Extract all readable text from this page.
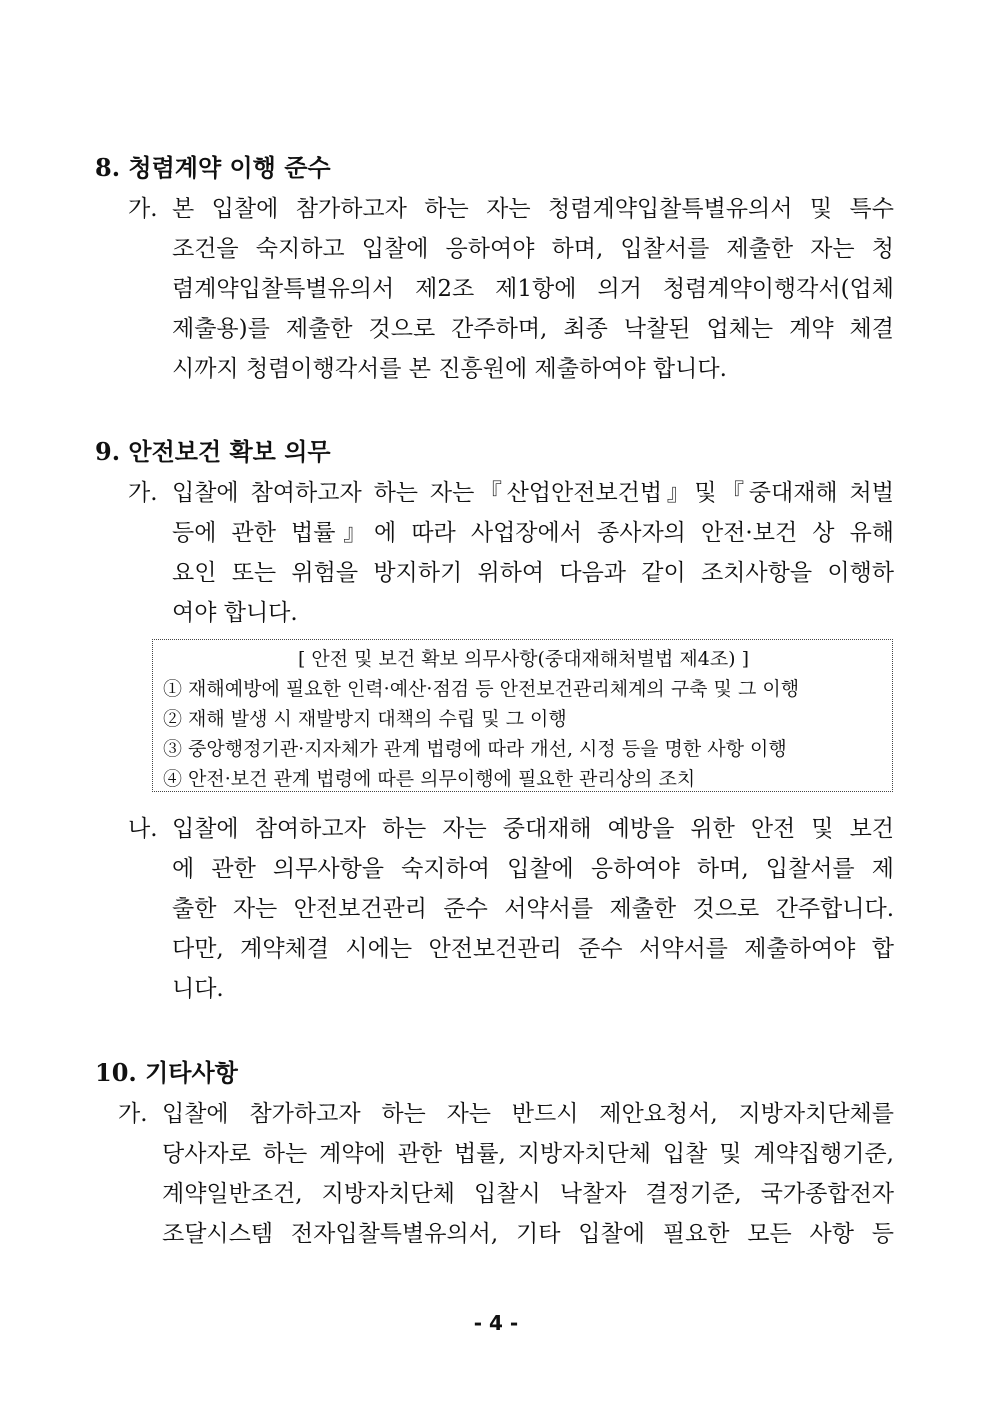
8. 청렴계약 이행 준수
가. 본 입찰에 참가하고자 하는 자는 청렴계약입찰특별유의서 및 특수
조건을 숙지하고 입찰에 응하여야 하며, 입찰서를 제출한 자는 청
렴계약입찰특별유의서 제2조 제1항에 의거 청렴계약이행각서(업체
제출용)를 제출한 것으로 간주하며, 최종 낙찰된 업체는 계약 체결
시까지 청렴이행각서를 본 진흥원에 제출하여야 합니다.
9. 안전보건 확보 의무
가. 입찰에 참여하고자 하는 자는『산업안전보건법』및『중대재해 처벌
등에 관한 법률』에 따라 사업장에서 종사자의 안전·보건 상 유해
요인 또는 위험을 방지하기 위하여 다음과 같이 조치사항을 이행하
여야 합니다.
[ 안전 및 보건 확보 의무사항(중대재해처벌법 제4조) ]
① 재해예방에 필요한 인력·예산·점검 등 안전보건관리체계의 구축 및 그 이행
② 재해 발생 시 재발방지 대책의 수립 및 그 이행
③ 중앙행정기관·지자체가 관계 법령에 따라 개선, 시정 등을 명한 사항 이행
④ 안전·보건 관계 법령에 따른 의무이행에 필요한 관리상의 조치
나. 입찰에 참여하고자 하는 자는 중대재해 예방을 위한 안전 및 보건
에 관한 의무사항을 숙지하여 입찰에 응하여야 하며, 입찰서를 제
출한 자는 안전보건관리 준수 서약서를 제출한 것으로 간주합니다.
다만, 계약체결 시에는 안전보건관리 준수 서약서를 제출하여야 합
니다.
10. 기타사항
가. 입찰에 참가하고자 하는 자는 반드시 제안요청서, 지방자치단체를
당사자로 하는 계약에 관한 법률, 지방자치단체 입찰 및 계약집행기준,
계약일반조건, 지방자치단체 입찰시 낙찰자 결정기준, 국가종합전자
조달시스템 전자입찰특별유의서, 기타 입찰에 필요한 모든 사항 등
- 4 -
